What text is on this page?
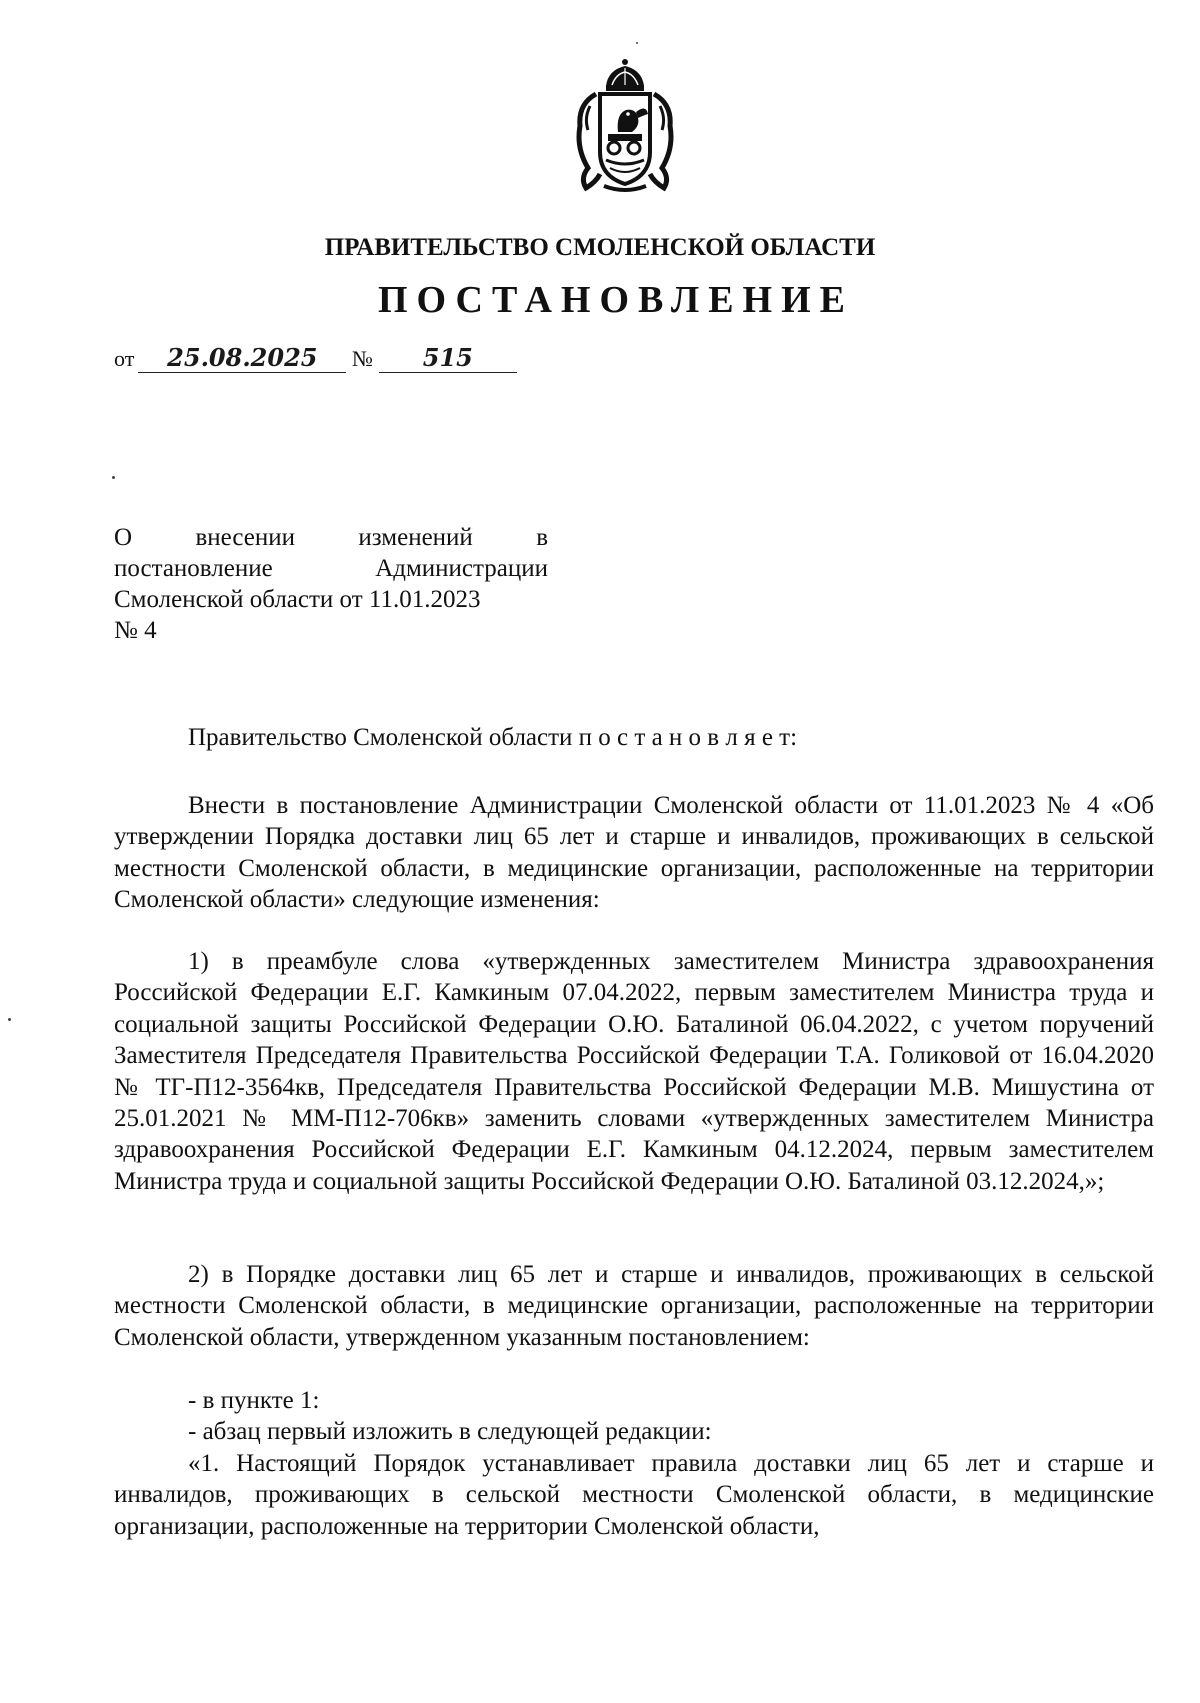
ПРАВИТЕЛЬСТВО СМОЛЕНСКОЙ ОБЛАСТИ
ПОСТАНОВЛЕНИЕ
от 25.08.2025 № 515
О внесении изменений в
постановление Администрации
Смоленской области от 11.01.2023
№ 4
Правительство Смоленской области п о с т а н о в л я е т:
Внести в постановление Администрации Смоленской области от 11.01.2023 № 4 «Об утверждении Порядка доставки лиц 65 лет и старше и инвалидов, проживающих в сельской местности Смоленской области, в медицинские организации, расположенные на территории Смоленской области» следующие изменения:
1) в преамбуле слова «утвержденных заместителем Министра здравоохранения Российской Федерации Е.Г. Камкиным 07.04.2022, первым заместителем Министра труда и социальной защиты Российской Федерации О.Ю. Баталиной 06.04.2022, с учетом поручений Заместителя Председателя Правительства Российской Федерации Т.А. Голиковой от 16.04.2020 № ТГ-П12-3564кв, Председателя Правительства Российской Федерации М.В. Мишустина от 25.01.2021 № ММ-П12-706кв» заменить словами «утвержденных заместителем Министра здравоохранения Российской Федерации Е.Г. Камкиным 04.12.2024, первым заместителем Министра труда и социальной защиты Российской Федерации О.Ю. Баталиной 03.12.2024,»;
2) в Порядке доставки лиц 65 лет и старше и инвалидов, проживающих в сельской местности Смоленской области, в медицинские организации, расположенные на территории Смоленской области, утвержденном указанным постановлением:
- в пункте 1:
- абзац первый изложить в следующей редакции:
«1. Настоящий Порядок устанавливает правила доставки лиц 65 лет и старше и инвалидов, проживающих в сельской местности Смоленской области, в медицинские организации, расположенные на территории Смоленской области,
